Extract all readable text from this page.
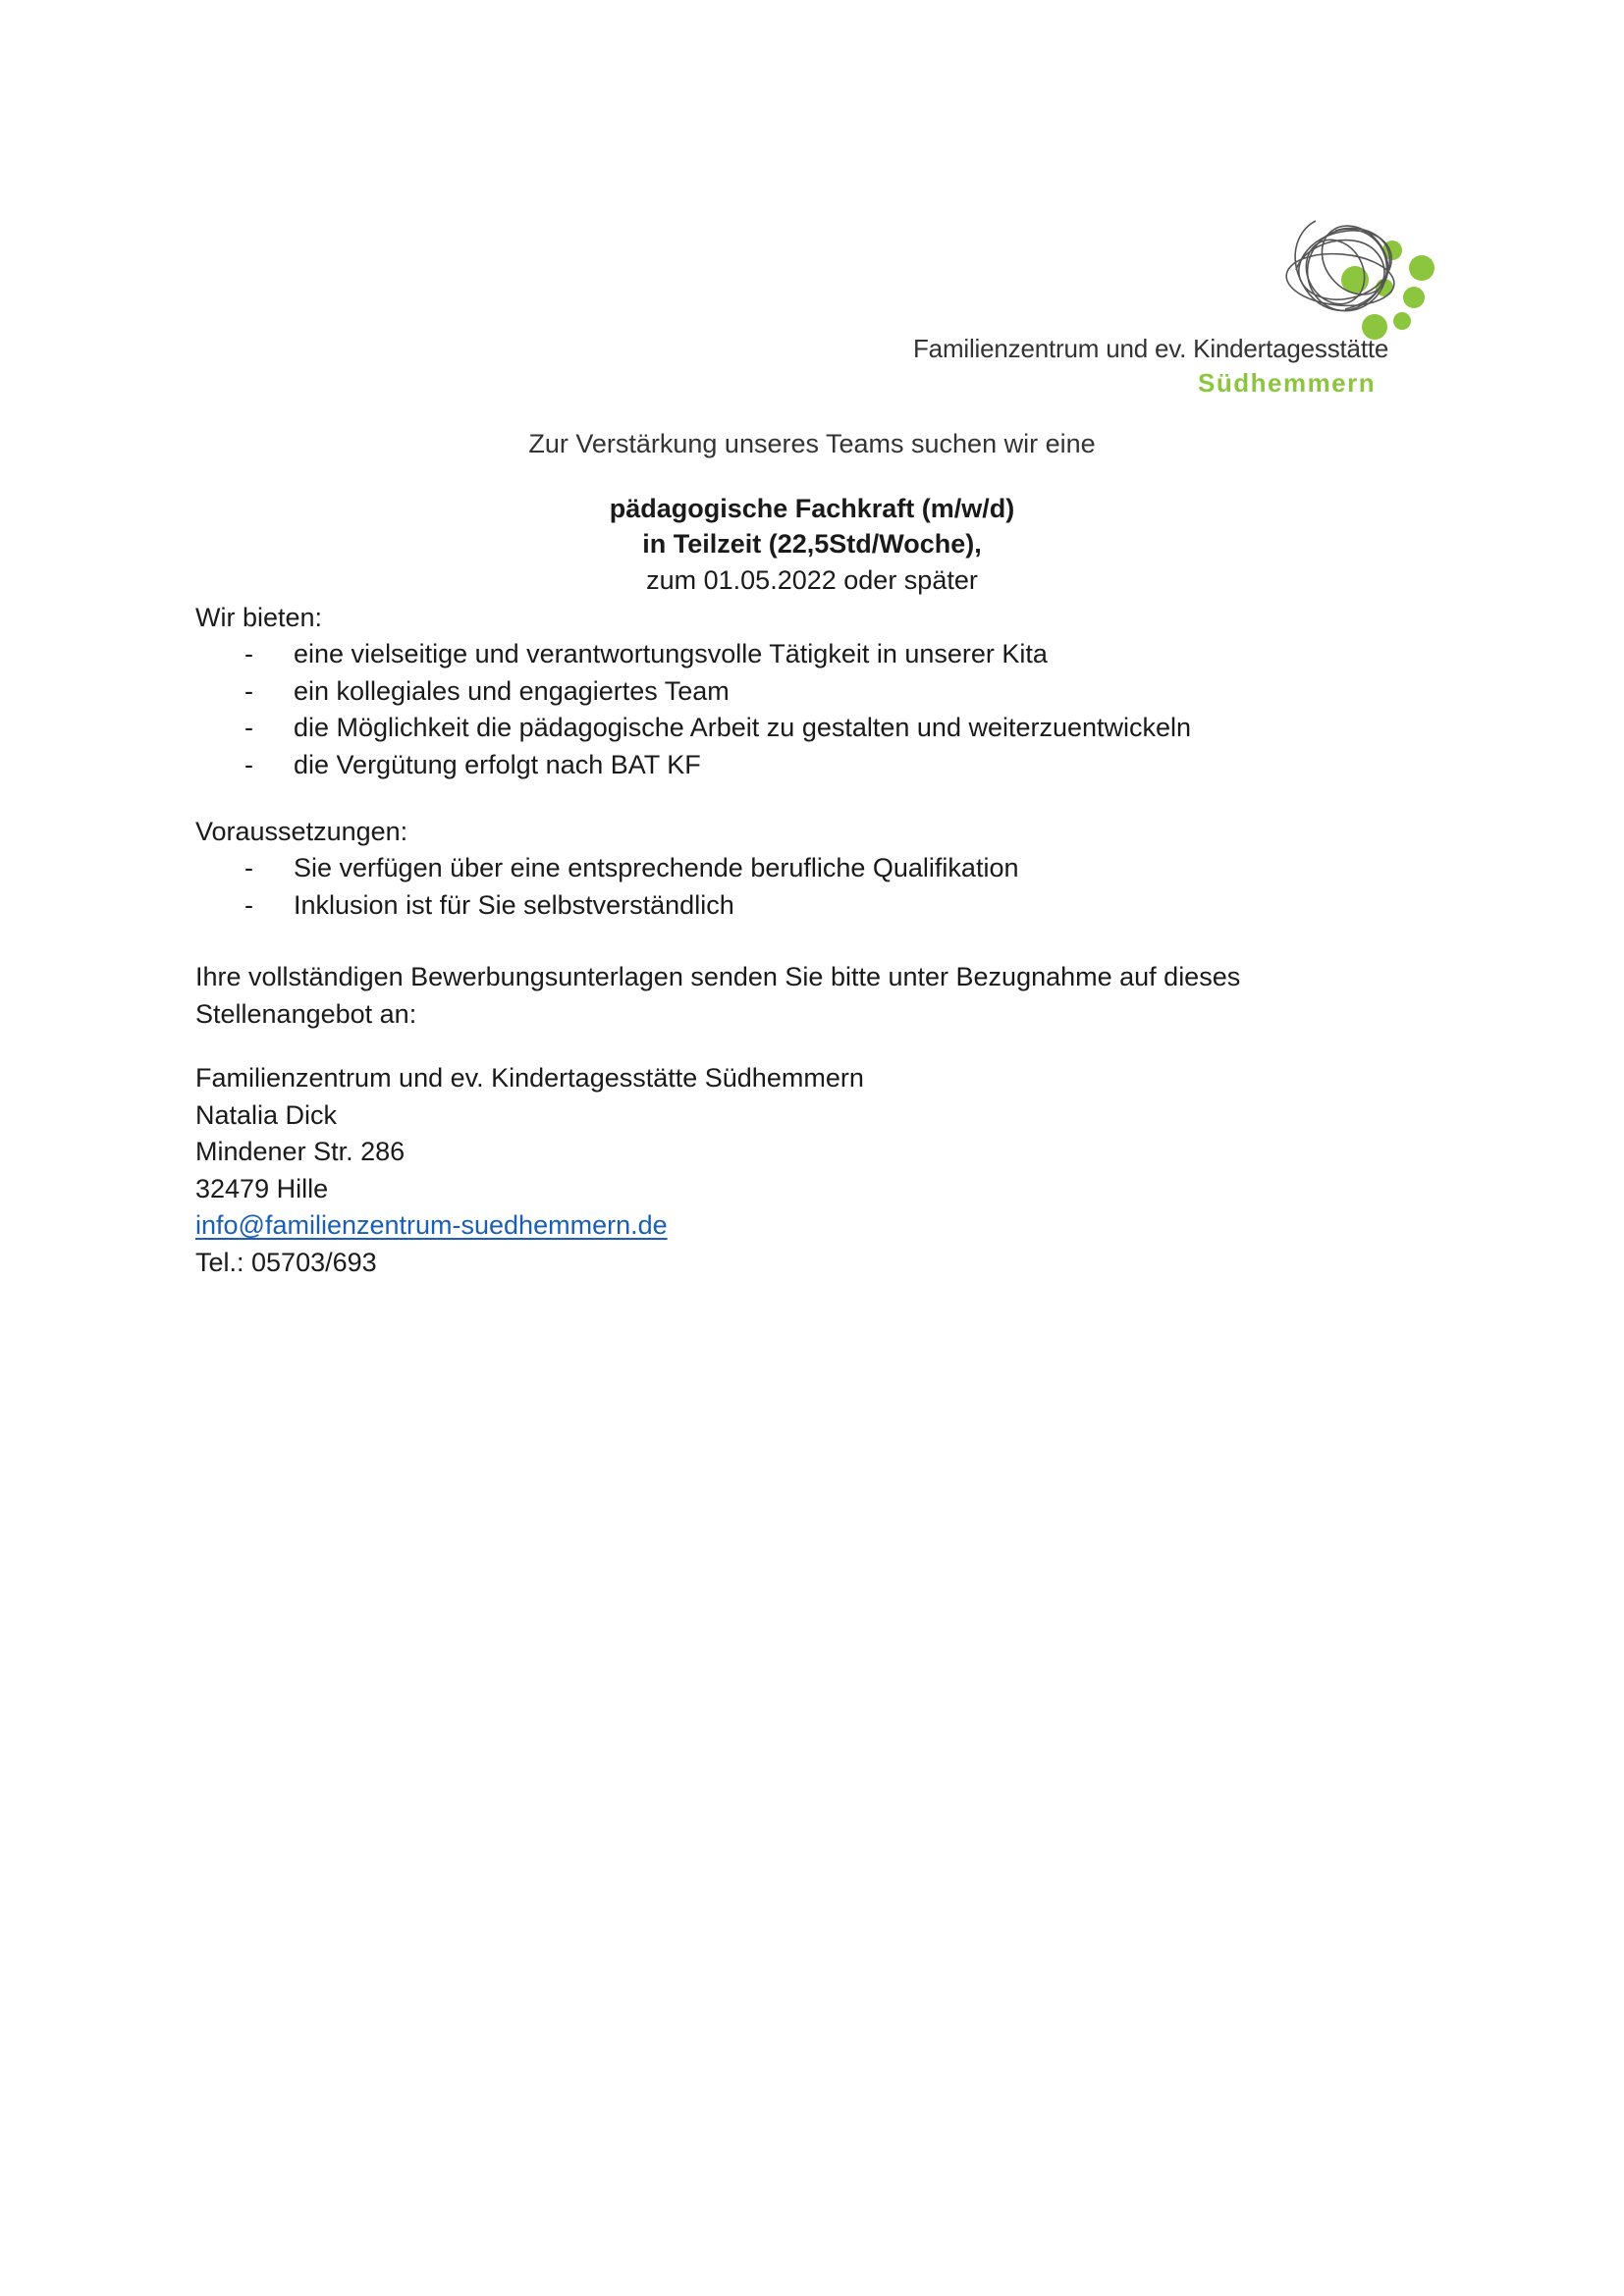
Familienzentrum und ev. Kindertagesstätte
Südhemmern
Zur Verstärkung unseres Teams suchen wir eine
pädagogische Fachkraft (m/w/d)
in Teilzeit (22,5Std/Woche),
zum 01.05.2022 oder später
Wir bieten:
- eine vielseitige und verantwortungsvolle Tätigkeit in unserer Kita
- ein kollegiales und engagiertes Team
- die Möglichkeit die pädagogische Arbeit zu gestalten und weiterzuentwickeln
- die Vergütung erfolgt nach BAT KF
Voraussetzungen:
- Sie verfügen über eine entsprechende berufliche Qualifikation
- Inklusion ist für Sie selbstverständlich
Ihre vollständigen Bewerbungsunterlagen senden Sie bitte unter Bezugnahme auf dieses Stellenangebot an:
Familienzentrum und ev. Kindertagesstätte Südhemmern
Natalia Dick
Mindener Str. 286
32479 Hille
info@familienzentrum-suedhemmern.de
Tel.: 05703/693
